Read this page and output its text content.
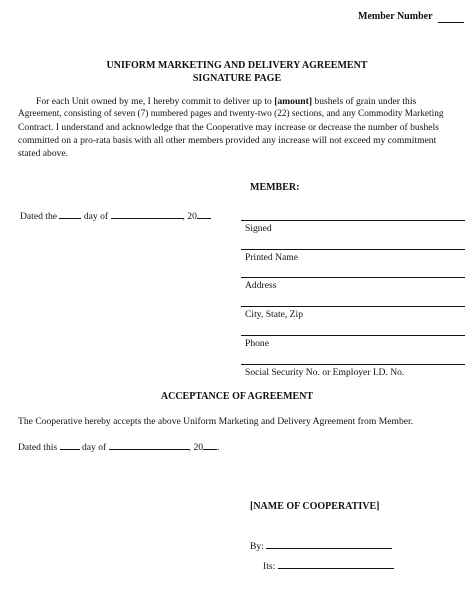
Member Number
UNIFORM MARKETING AND DELIVERY AGREEMENT
SIGNATURE PAGE
For each Unit owned by me, I hereby commit to deliver up to [amount] bushels of grain under this
Agreement, consisting of seven (7) numbered pages and twenty-two (22) sections, and any Commodity Marketing
Contract. I understand and acknowledge that the Cooperative may increase or decrease the number of bushels
committed on a pro-rata basis with all other members provided any increase will not exceed my commitment
stated above.
MEMBER:
Dated the	day of	, 20
Signed
Printed Name
Address
City, State, Zip
Phone
Social Security No. or Employer I.D. No.
ACCEPTANCE OF AGREEMENT
The Cooperative hereby accepts the above Uniform Marketing and Delivery Agreement from Member.
Dated this	day of	, 20 .
[NAME OF COOPERATIVE]
By:
Its:
